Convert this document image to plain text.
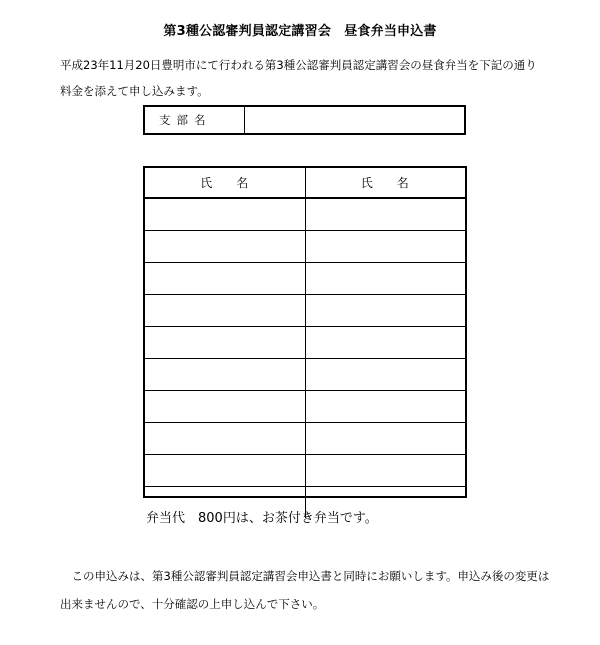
第3種公認審判員認定講習会　昼食弁当申込書

平成23年11月20日豊明市にて行われる第3種公認審判員認定講習会の昼食弁当を下記の通り
料金を添えて申し込みます。

支部名
氏名	氏名

弁当代　800円は、お茶付き弁当です。

　この申込みは、第3種公認審判員認定講習会申込書と同時にお願いします。申込み後の変更は
出来ませんので、十分確認の上申し込んで下さい。
